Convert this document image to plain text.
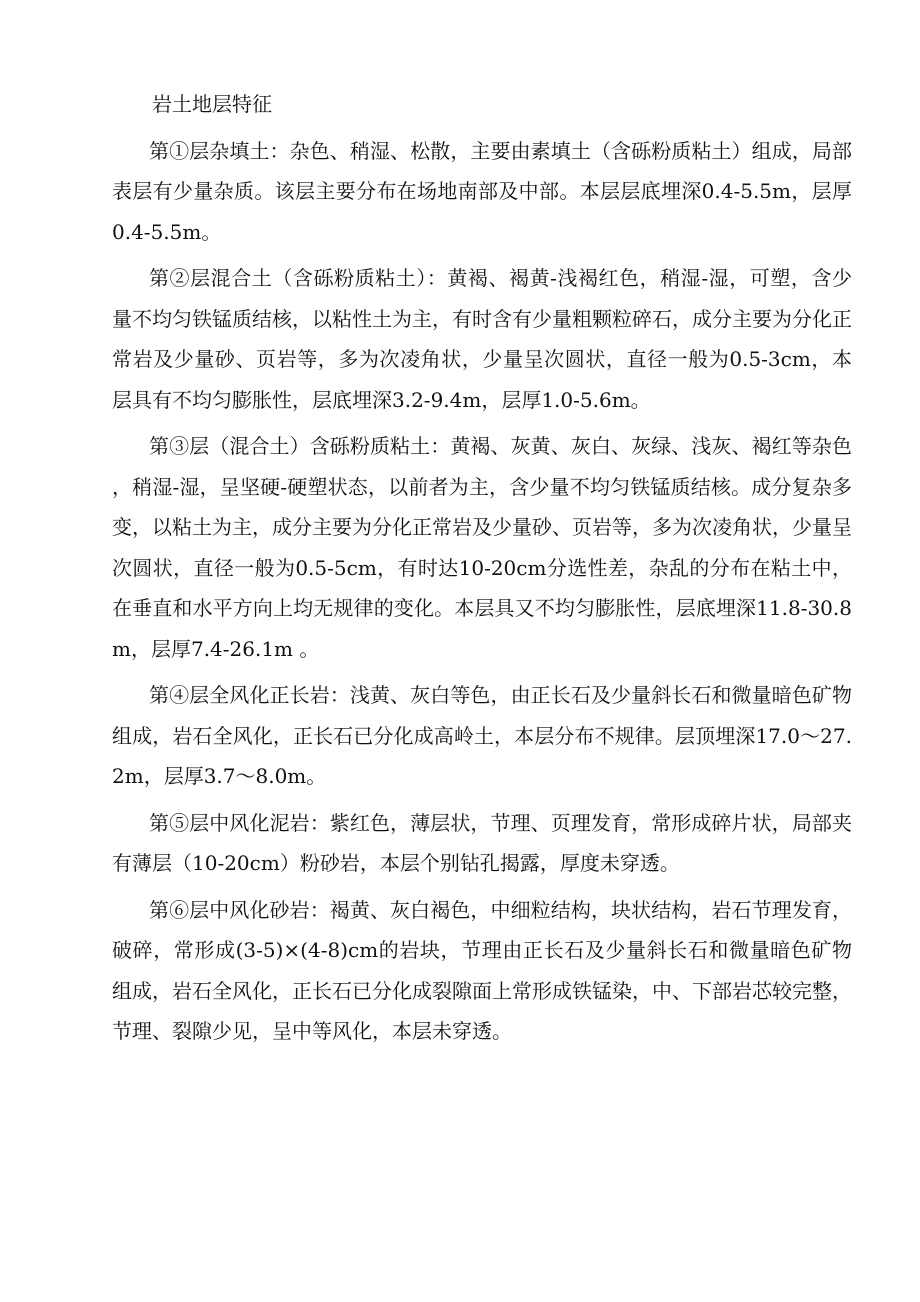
岩土地层特征

第①层杂填土：杂色、稍湿、松散，主要由素填土（含砾粉质粘土）组成，局部表层有少量杂质。该层主要分布在场地南部及中部。本层层底埋深0.4-5.5m，层厚0.4-5.5m。

第②层混合土（含砾粉质粘土）：黄褐、褐黄-浅褐红色，稍湿-湿，可塑，含少量不均匀铁锰质结核，以粘性土为主，有时含有少量粗颗粒碎石，成分主要为分化正常岩及少量砂、页岩等，多为次凌角状，少量呈次圆状，直径一般为0.5-3cm，本层具有不均匀膨胀性，层底埋深3.2-9.4m，层厚1.0-5.6m。

第③层（混合土）含砾粉质粘土：黄褐、灰黄、灰白、灰绿、浅灰、褐红等杂色，稍湿-湿，呈坚硬-硬塑状态，以前者为主，含少量不均匀铁锰质结核。成分复杂多变，以粘土为主，成分主要为分化正常岩及少量砂、页岩等，多为次凌角状，少量呈次圆状，直径一般为0.5-5cm，有时达10-20cm分选性差，杂乱的分布在粘土中，在垂直和水平方向上均无规律的变化。本层具又不均匀膨胀性，层底埋深11.8-30.8m，层厚7.4-26.1m 。

第④层全风化正长岩：浅黄、灰白等色，由正长石及少量斜长石和微量暗色矿物组成，岩石全风化，正长石已分化成高岭土，本层分布不规律。层顶埋深17.0～27.2m，层厚3.7～8.0m。

第⑤层中风化泥岩：紫红色，薄层状，节理、页理发育，常形成碎片状，局部夹有薄层（10-20cm）粉砂岩，本层个别钻孔揭露，厚度未穿透。

第⑥层中风化砂岩：褐黄、灰白褐色，中细粒结构，块状结构，岩石节理发育，破碎，常形成(3-5)×(4-8)cm的岩块，节理由正长石及少量斜长石和微量暗色矿物组成，岩石全风化，正长石已分化成裂隙面上常形成铁锰染，中、下部岩芯较完整，节理、裂隙少见，呈中等风化，本层未穿透。
